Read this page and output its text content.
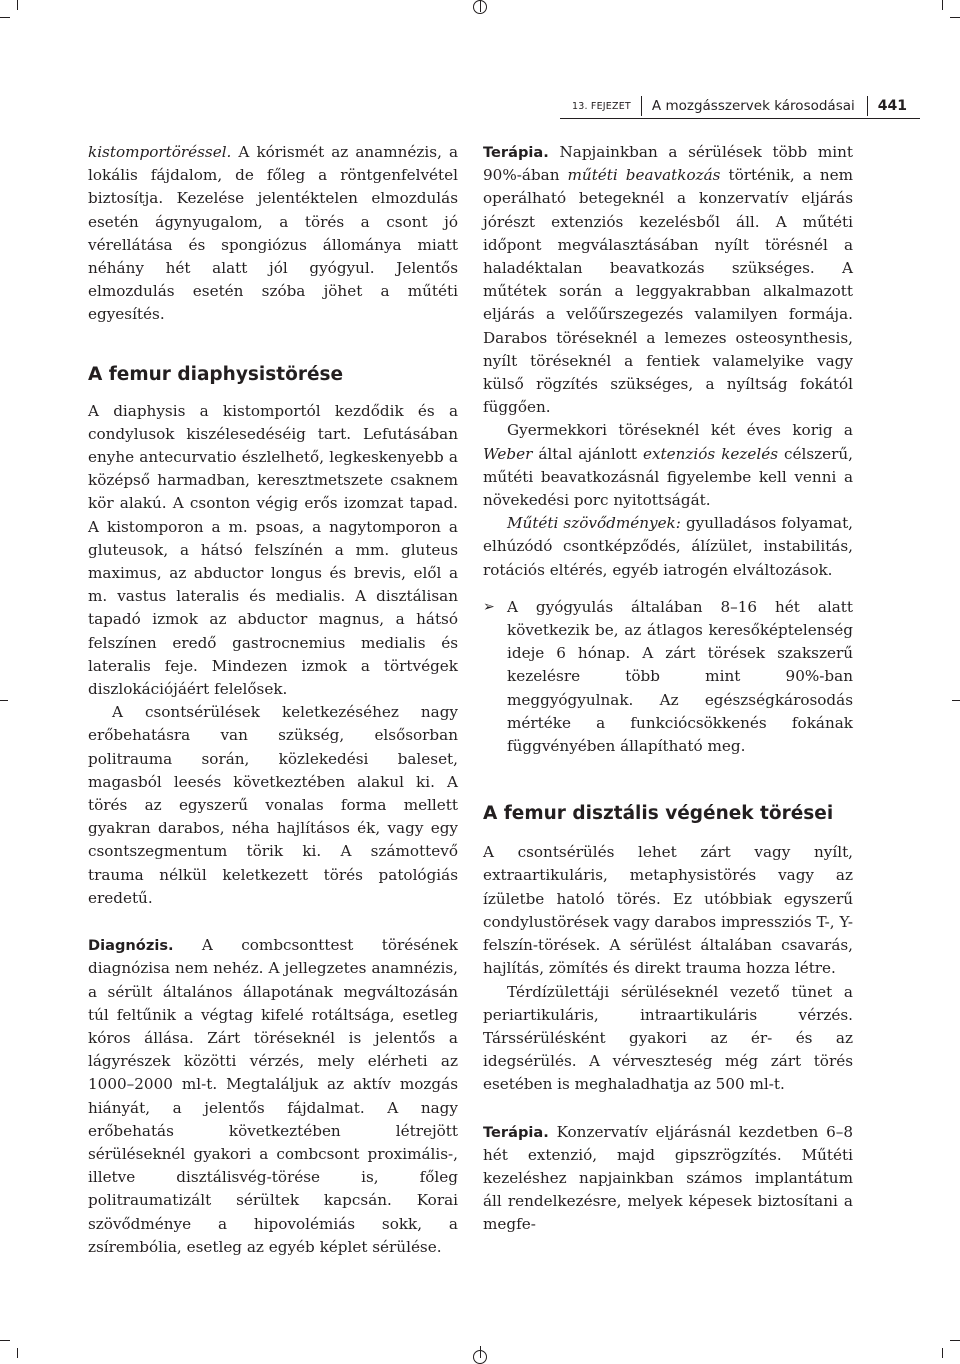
13. FEJEZET A mozgásszervek károsodásai 441

kistomportöréssel. A kórismét az anamnézis, a lokális fájdalom, de főleg a röntgenfelvétel biztosítja. Kezelése jelentéktelen elmozdulás esetén ágynyugalom, a törés a csont jó vérellátása és spongiózus állománya miatt néhány hét alatt jól gyógyul. Jelentős elmozdulás esetén szóba jöhet a műtéti egyesítés.

A femur diaphysistörése

A diaphysis a kistomportól kezdődik és a condylusok kiszélesedéséig tart. Lefutásában enyhe antecurvatio észlelhető, legkeskenyebb a középső harmadban, keresztmetszete csaknem kör alakú. A csonton végig erős izomzat tapad. A kistomporon a m. psoas, a nagytomporon a gluteusok, a hátsó felszínén a mm. gluteus maximus, az abductor longus és brevis, elől a m. vastus lateralis és medialis. A disztálisan tapadó izmok az abductor magnus, a hátsó felszínen eredő gastrocnemius medialis és lateralis feje. Mindezen izmok a törtvégek diszlokációjáért felelősek.

A csontsérülések keletkezéséhez nagy erőbehatásra van szükség, elsősorban politrauma során, közlekedési baleset, magasból leesés következtében alakul ki. A törés az egyszerű vonalas forma mellett gyakran darabos, néha hajlításos ék, vagy egy csontszegmentum törik ki. A számottevő trauma nélkül keletkezett törés patológiás eredetű.

Diagnózis. A combcsonttest törésének diagnózisa nem nehéz. A jellegzetes anamnézis, a sérült általános állapotának megváltozásán túl feltűnik a végtag kifelé rotáltsága, esetleg kóros állása. Zárt töréseknél is jelentős a lágyrészek közötti vérzés, mely elérheti az 1000–2000 ml-t. Megtaláljuk az aktív mozgás hiányát, a jelentős fájdalmat. A nagy erőbehatás következtében létrejött sérüléseknél gyakori a combcsont proximális-, illetve disztálisvég-törése is, főleg politraumatizált sérültek kapcsán. Korai szövődménye a hipovolémiás sokk, a zsírembólia, esetleg az egyéb képlet sérülése.

Terápia. Napjainkban a sérülések több mint 90%-ában műtéti beavatkozás történik, a nem operálható betegeknél a konzervatív eljárás jórészt extenziós kezelésből áll. A műtéti időpont megválasztásában nyílt törésnél a haladéktalan beavatkozás szükséges. A műtétek során a leggyakrabban alkalmazott eljárás a velőűrszegezés valamilyen formája. Darabos töréseknél a lemezes osteosynthesis, nyílt töréseknél a fentiek valamelyike vagy külső rögzítés szükséges, a nyíltság fokától függően.

Gyermekkori töréseknél két éves korig a Weber által ajánlott extenziós kezelés célszerű, műtéti beavatkozásnál figyelembe kell venni a növekedési porc nyitottságát.

Műtéti szövődmények: gyulladásos folyamat, elhúzódó csontképződés, álízület, instabilitás, rotációs eltérés, egyéb iatrogén elváltozások.

➢ A gyógyulás általában 8–16 hét alatt következik be, az átlagos keresőképtelenség ideje 6 hónap. A zárt törések szakszerű kezelésre több mint 90%-ban meggyógyulnak. Az egészségkárosodás mértéke a funkciócsökkenés fokának függvényében állapítható meg.
A femur disztális végének törései

A csontsérülés lehet zárt vagy nyílt, extraartikuláris, metaphysistörés vagy az ízületbe hatoló törés. Ez utóbbiak egyszerű condylustörések vagy darabos impressziós T-, Y-felszín-törések. A sérülést általában csavarás, hajlítás, zömítés és direkt trauma hozza létre.

Térdízülettáji sérüléseknél vezető tünet a periartikuláris, intraartikuláris vérzés. Társsérülésként gyakori az ér- és az idegsérülés. A vérveszteség még zárt törés esetében is meghaladhatja az 500 ml-t.

Terápia. Konzervatív eljárásnál kezdetben 6–8 hét extenzió, majd gipszrögzítés. Műtéti kezeléshez napjainkban számos implantátum áll rendelkezésre, melyek képesek biztosítani a megfe-
